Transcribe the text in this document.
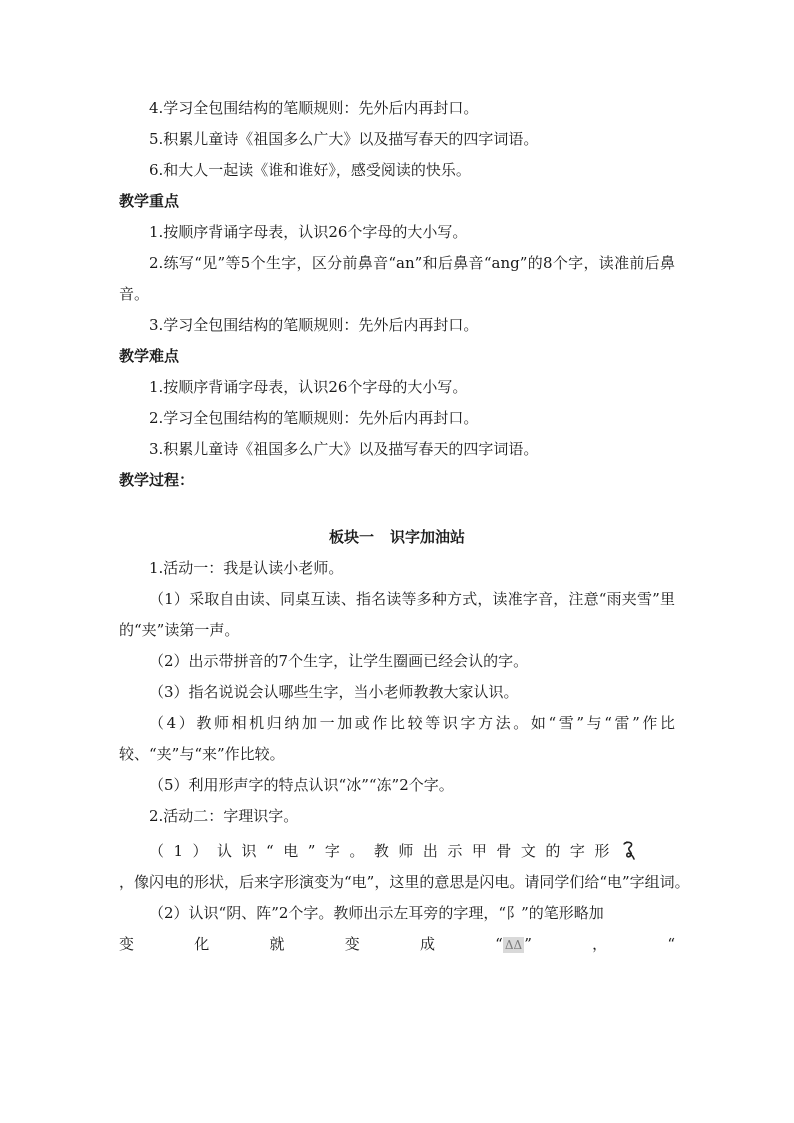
4.学习全包围结构的笔顺规则：先外后内再封口。
5.积累儿童诗《祖国多么广大》以及描写春天的四字词语。
6.和大人一起读《谁和谁好》，感受阅读的快乐。
教学重点
1.按顺序背诵字母表，认识26个字母的大小写。
2.练写“见”等5个生字，区分前鼻音“an”和后鼻音“ang”的8个字，读准前后鼻音。
3.学习全包围结构的笔顺规则：先外后内再封口。
教学难点
1.按顺序背诵字母表，认识26个字母的大小写。
2.学习全包围结构的笔顺规则：先外后内再封口。
3.积累儿童诗《祖国多么广大》以及描写春天的四字词语。
教学过程：
板块一 识字加油站
1.活动一：我是认读小老师。
（1）采取自由读、同桌互读、指名读等多种方式，读准字音，注意“雨夹雪”里的“夹”读第一声。
（2）出示带拼音的7个生字，让学生圈画已经会认的字。
（3）指名说说会认哪些生字，当小老师教教大家认识。
（4）教师相机归纳加一加或作比较等识字方法。如“雪”与“雷”作比较、“夹”与“来”作比较。
（5）利用形声字的特点认识“冰”“冻”2个字。
2.活动二：字理识字。
（1）认识“电”字。教师出示甲骨文的字形
，像闪电的形状，后来字形演变为“电”，这里的意思是闪电。请同学们给“电”字组词。
（2）认识“阴、阵”2个字。教师出示左耳旁的字理，“阝”的笔形略加
变	化	就	变	成	“ ΔΔ ”	，	“
